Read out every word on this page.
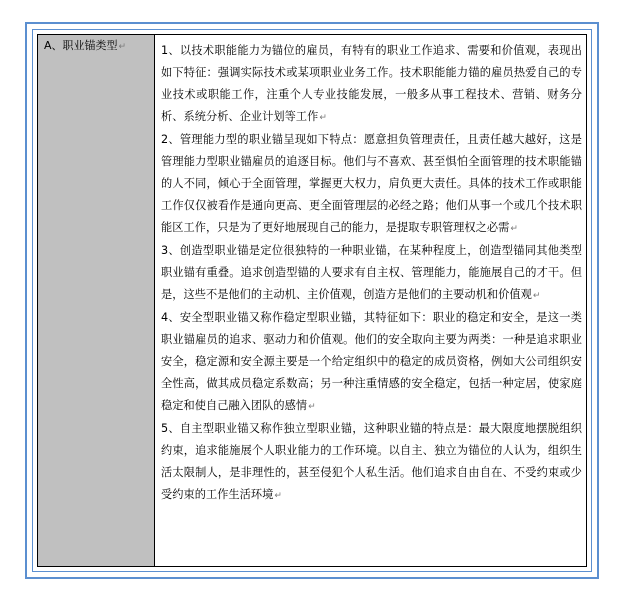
A、职业锚类型↵	1、以技术职能能力为锚位的雇员，有特有的职业工作追求、需要和价值观，表现出如下特征：强调实际技术或某项职业业务工作。技术职能能力锚的雇员热爱自己的专业技术或职能工作，注重个人专业技能发展，一般多从事工程技术、营销、财务分析、系统分析、企业计划等工作↵

2、管理能力型的职业锚呈现如下特点：愿意担负管理责任，且责任越大越好，这是管理能力型职业锚雇员的追逐目标。他们与不喜欢、甚至惧怕全面管理的技术职能锚的人不同，倾心于全面管理，掌握更大权力，肩负更大责任。具体的技术工作或职能工作仅仅被看作是通向更高、更全面管理层的必经之路；他们从事一个或几个技术职能区工作，只是为了更好地展现自己的能力，是提取专职管理权之必需↵

3、创造型职业锚是定位很独特的一种职业锚，在某种程度上，创造型锚同其他类型职业锚有重叠。追求创造型锚的人要求有自主权、管理能力，能施展自己的才干。但是，这些不是他们的主动机、主价值观，创造方是他们的主要动机和价值观↵

4、安全型职业锚又称作稳定型职业锚，其特征如下：职业的稳定和安全，是这一类职业锚雇员的追求、驱动力和价值观。他们的安全取向主要为两类：一种是追求职业安全，稳定源和安全源主要是一个给定组织中的稳定的成员资格，例如大公司组织安全性高，做其成员稳定系数高；另一种注重情感的安全稳定，包括一种定居，使家庭稳定和使自己融入团队的感情↵

5、自主型职业锚又称作独立型职业锚，这种职业锚的特点是：最大限度地摆脱组织约束，追求能施展个人职业能力的工作环境。以自主、独立为锚位的人认为，组织生活太限制人，是非理性的，甚至侵犯个人私生活。他们追求自由自在、不受约束或少受约束的工作生活环境↵
